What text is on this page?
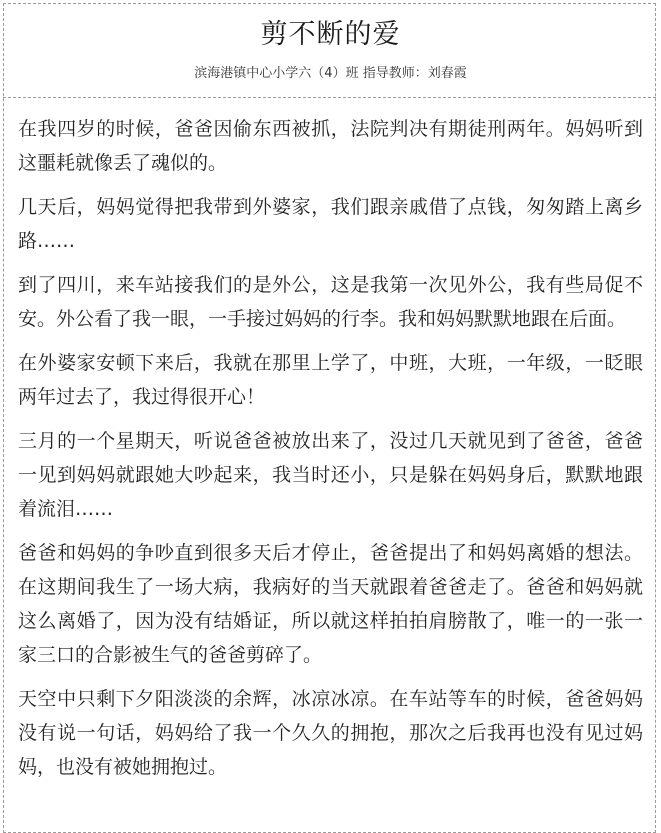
剪不断的爱
滨海港镇中心小学六（4）班 指导教师：刘春霞

在我四岁的时候，爸爸因偷东西被抓，法院判决有期徒刑两年。妈妈听到这噩耗就像丢了魂似的。

几天后，妈妈觉得把我带到外婆家，我们跟亲戚借了点钱，匆匆踏上离乡路……

到了四川，来车站接我们的是外公，这是我第一次见外公，我有些局促不安。外公看了我一眼，一手接过妈妈的行李。我和妈妈默默地跟在后面。

在外婆家安顿下来后，我就在那里上学了，中班，大班，一年级，一眨眼两年过去了，我过得很开心！

三月的一个星期天，听说爸爸被放出来了，没过几天就见到了爸爸，爸爸一见到妈妈就跟她大吵起来，我当时还小，只是躲在妈妈身后，默默地跟着流泪……

爸爸和妈妈的争吵直到很多天后才停止，爸爸提出了和妈妈离婚的想法。在这期间我生了一场大病，我病好的当天就跟着爸爸走了。爸爸和妈妈就这么离婚了，因为没有结婚证，所以就这样拍拍肩膀散了，唯一的一张一家三口的合影被生气的爸爸剪碎了。

天空中只剩下夕阳淡淡的余辉，冰凉冰凉。在车站等车的时候，爸爸妈妈没有说一句话，妈妈给了我一个久久的拥抱，那次之后我再也没有见过妈妈，也没有被她拥抱过。
